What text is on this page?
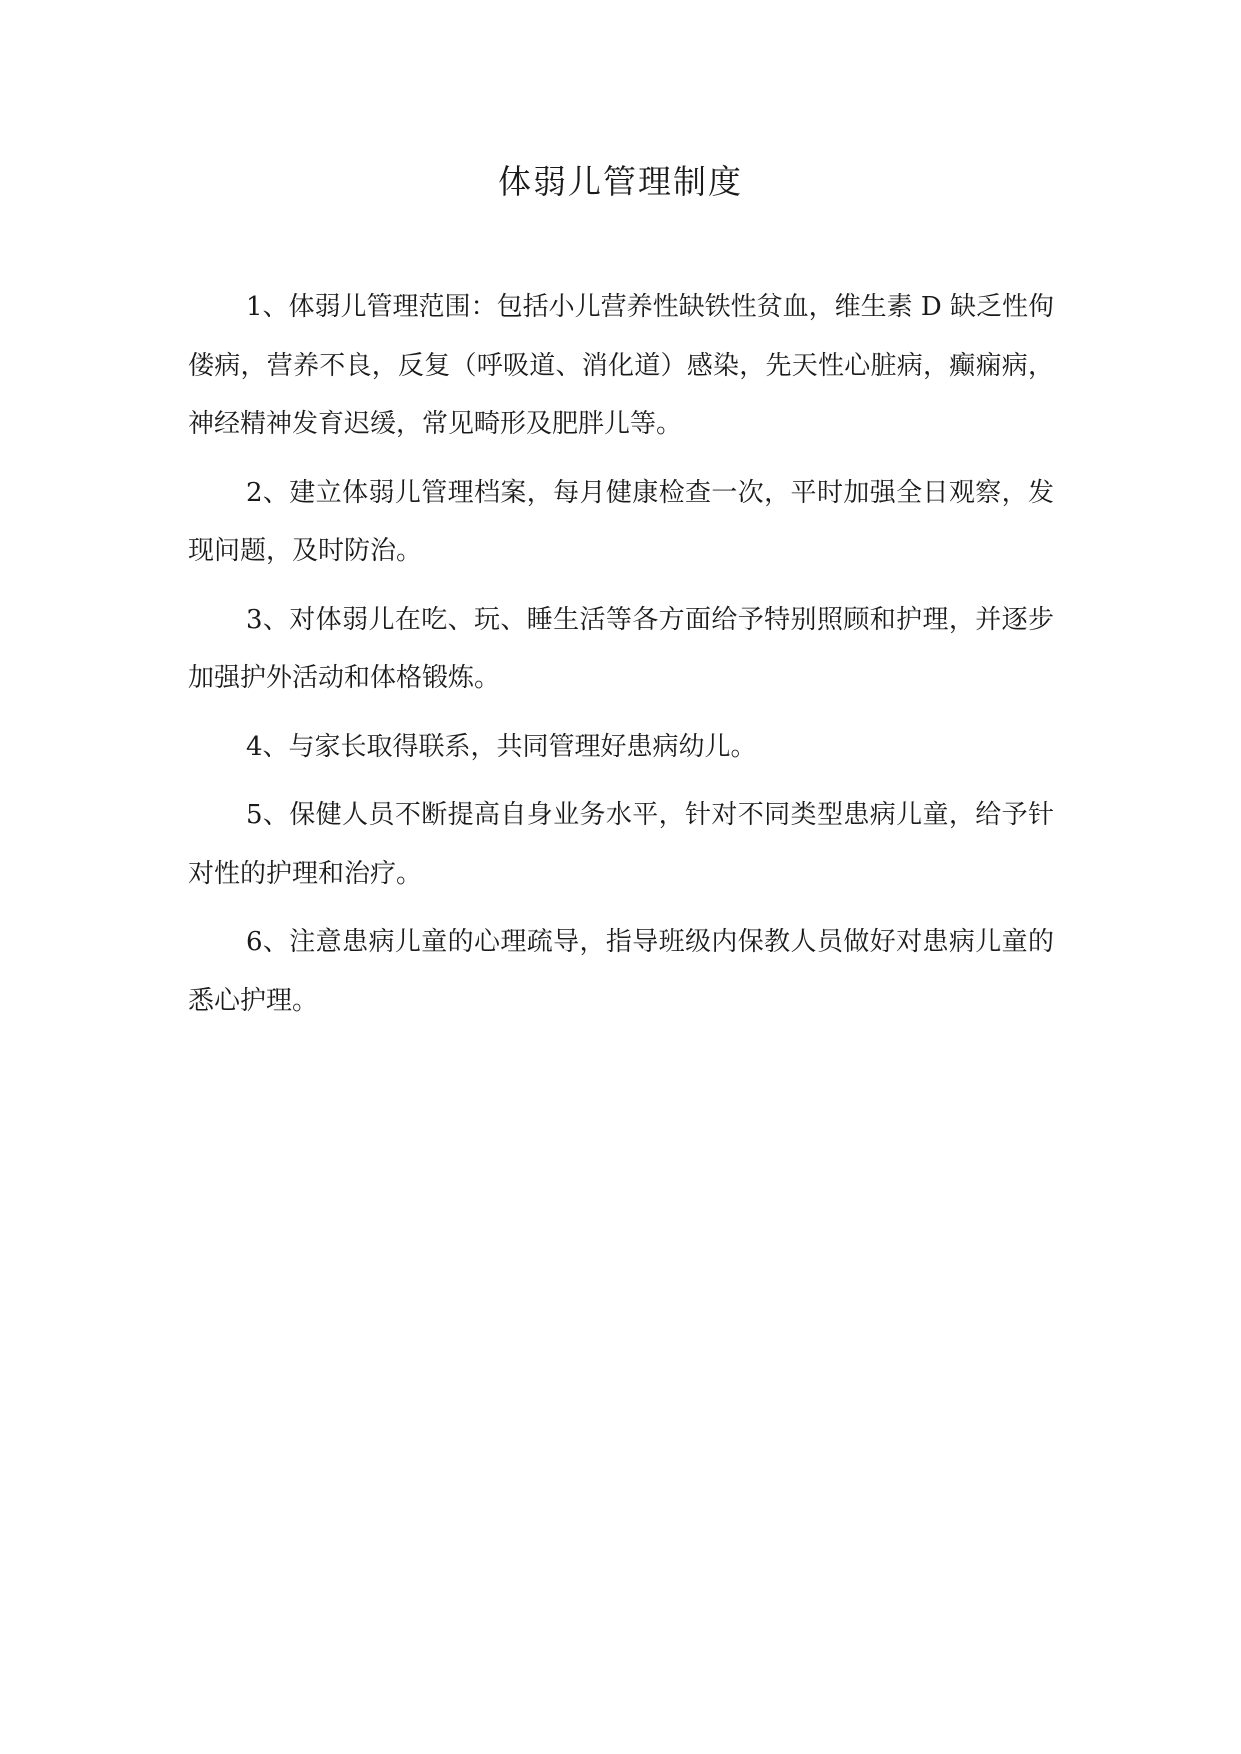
体弱儿管理制度

1、体弱儿管理范围：包括小儿营养性缺铁性贫血，维生素 D 缺乏性佝偻病，营养不良，反复（呼吸道、消化道）感染，先天性心脏病，癫痫病，神经精神发育迟缓，常见畸形及肥胖儿等。

2、建立体弱儿管理档案，每月健康检查一次，平时加强全日观察，发现问题，及时防治。

3、对体弱儿在吃、玩、睡生活等各方面给予特别照顾和护理，并逐步加强护外活动和体格锻炼。

4、与家长取得联系，共同管理好患病幼儿。

5、保健人员不断提高自身业务水平，针对不同类型患病儿童，给予针对性的护理和治疗。

6、注意患病儿童的心理疏导，指导班级内保教人员做好对患病儿童的悉心护理。
